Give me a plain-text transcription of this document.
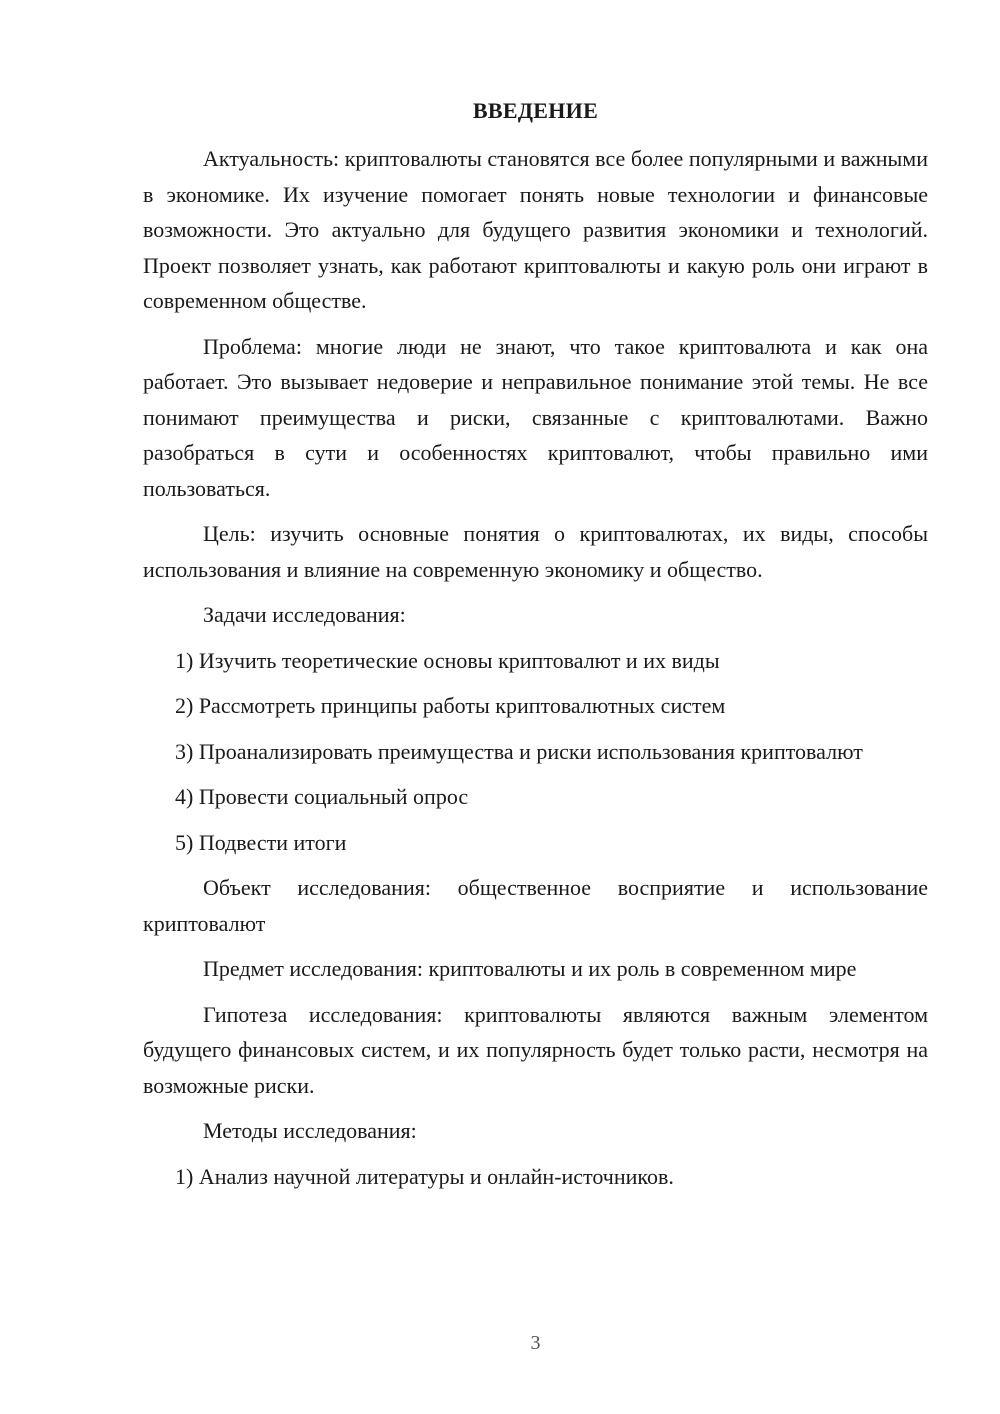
ВВЕДЕНИЕ

Актуальность: криптовалюты становятся все более популярными и важными в экономике. Их изучение помогает понять новые технологии и финансовые возможности. Это актуально для будущего развития экономики и технологий. Проект позволяет узнать, как работают криптовалюты и какую роль они играют в современном обществе.

Проблема: многие люди не знают, что такое криптовалюта и как она работает. Это вызывает недоверие и неправильное понимание этой темы. Не все понимают преимущества и риски, связанные с криптовалютами. Важно разобраться в сути и особенностях криптовалют, чтобы правильно ими пользоваться.

Цель: изучить основные понятия о криптовалютах, их виды, способы использования и влияние на современную экономику и общество.

Задачи исследования:

1) Изучить теоретические основы криптовалют и их виды

2) Рассмотреть принципы работы криптовалютных систем

3) Проанализировать преимущества и риски использования криптовалют

4) Провести социальный опрос

5) Подвести итоги

Объект исследования: общественное восприятие и использование криптовалют

Предмет исследования: криптовалюты и их роль в современном мире

Гипотеза исследования: криптовалюты являются важным элементом будущего финансовых систем, и их популярность будет только расти, несмотря на возможные риски.

Методы исследования:

1) Анализ научной литературы и онлайн-источников.

3
